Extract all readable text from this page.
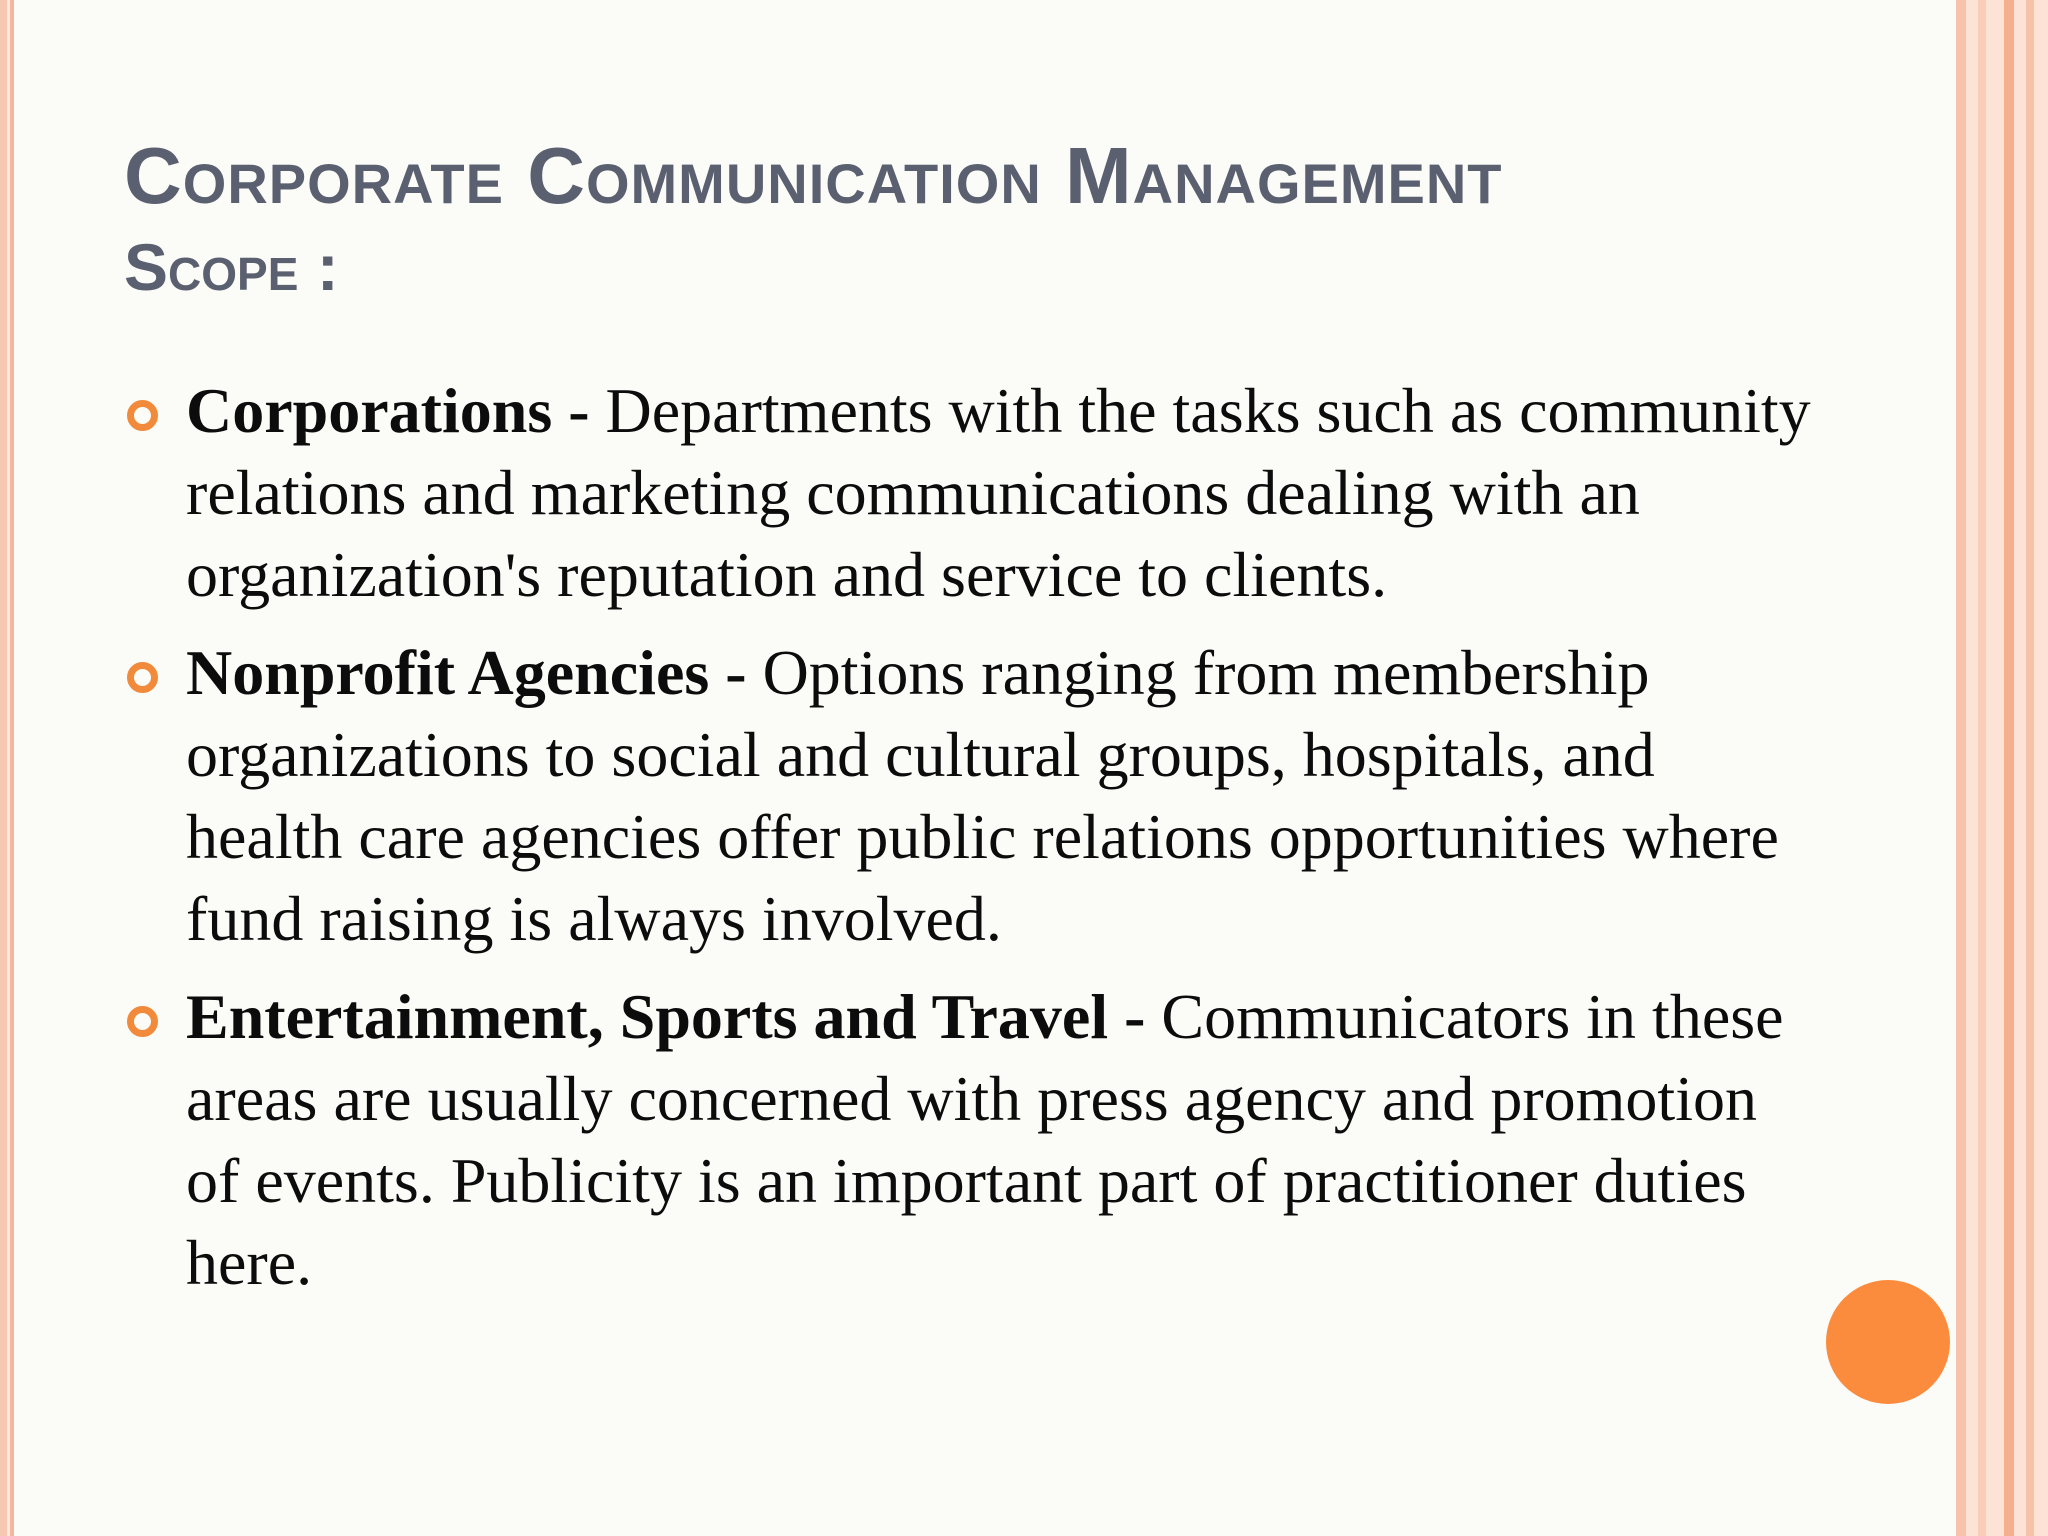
Corporate Communication Management
Scope :
Corporations - Departments with the tasks such as community relations and marketing communications dealing with an organization's reputation and service to clients.
Nonprofit Agencies - Options ranging from membership organizations to social and cultural groups, hospitals, and health care agencies offer public relations opportunities where fund raising is always involved.
Entertainment, Sports and Travel - Communicators in these areas are usually concerned with press agency and promotion of events. Publicity is an important part of practitioner duties here.
